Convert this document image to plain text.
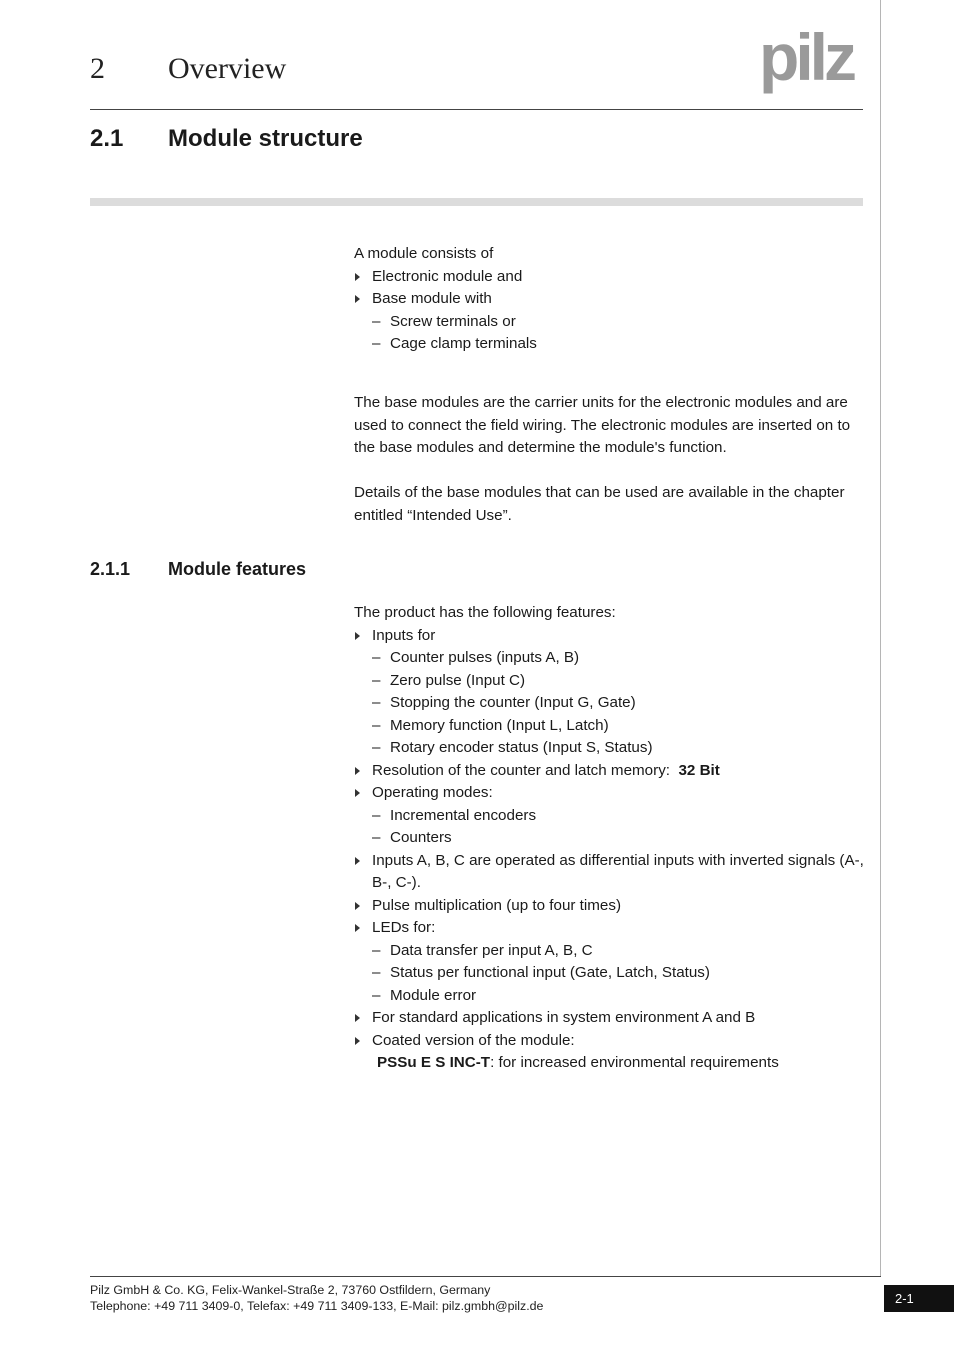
2 Overview	pilz
2.1 Module structure

A module consists of

Electronic module and
Base module with
– Screw terminals or
– Cage clamp terminals

The base modules are the carrier units for the electronic modules and are used to connect the field wiring. The electronic modules are inserted on to the base modules and determine the module's function.

Details of the base modules that can be used are available in the chapter entitled “Intended Use”.

2.1.1 Module features

The product has the following features:

Inputs for
– Counter pulses (inputs A, B)
– Zero pulse (Input C)
– Stopping the counter (Input G, Gate)
– Memory function (Input L, Latch)
– Rotary encoder status (Input S, Status)
Resolution of the counter and latch memory:  32 Bit
Operating modes:
– Incremental encoders
– Counters
Inputs A, B, C are operated as differential inputs with inverted signals (A-, B-, C-).
Pulse multiplication (up to four times)
LEDs for:
– Data transfer per input A, B, C
– Status per functional input (Gate, Latch, Status)
– Module error
For standard applications in system environment A and B
Coated version of the module:

PSSu E S INC-T: for increased environmental requirements

Pilz GmbH & Co. KG, Felix-Wankel-Straße 2, 73760 Ostfildern, Germany
Telephone: +49 711 3409-0, Telefax: +49 711 3409-133, E-Mail: pilz.gmbh@pilz.de	2-1
